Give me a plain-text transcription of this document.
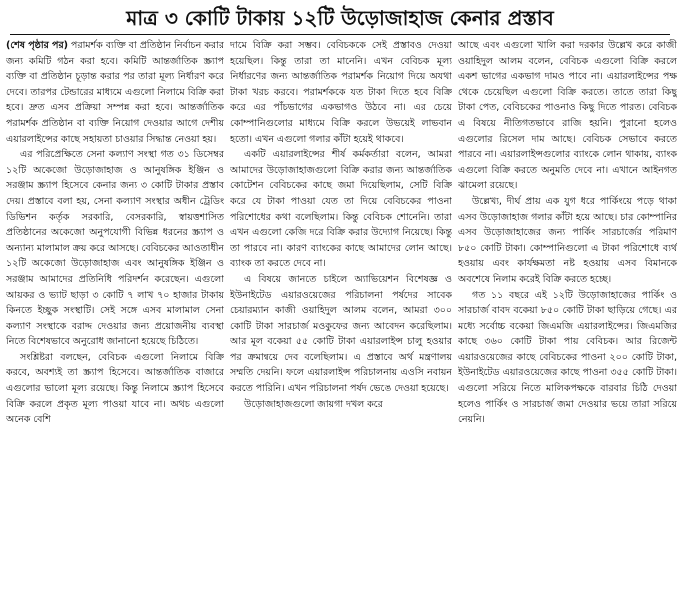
মাত্র ৩ কোটি টাকায় ১২টি উড়োজাহাজ কেনার প্রস্তাব

(শেষ পৃষ্ঠার পর) পরামর্শক ব্যক্তি বা প্রতিষ্ঠান নির্বাচন করার জন্য কমিটি গঠন করা হবে। কমিটি আন্তর্জাতিক স্ক্র্যাপ ব্যক্তি বা প্রতিষ্ঠান চূড়ান্ত করার পর তারা মূল্য নির্ধারণ করে দেবে। তারপর টেন্ডারের মাধ্যমে এগুলো নিলামে বিক্রি করা হবে। দ্রুত এসব প্রক্রিয়া সম্পন্ন করা হবে। আন্তর্জাতিক পরামর্শক প্রতিষ্ঠান বা ব্যক্তি নিয়োগ দেওয়ার আগে দেশীয় এয়ারলাইন্সের কাছে সহায়তা চাওয়ার সিদ্ধান্ত নেওয়া হয়।

এর পরিপ্রেক্ষিতে সেনা কল্যাণ সংস্থা গত ৩১ ডিসেম্বর ১২টি অকেজো উড়োজাহাজ ও আনুষঙ্গিক ইঞ্জিন ও সরঞ্জাম স্ক্র্যাপ হিসেবে কেনার জন্য ৩ কোটি টাকার প্রস্তাব দেয়। প্রস্তাবে বলা হয়, সেনা কল্যাণ সংস্থার অধীন ট্রেডিং ডিভিশন কর্তৃক সরকারি, বেসরকারি, স্বায়ত্তশাসিত প্রতিষ্ঠানের অকেজো অনুপযোগী বিভিন্ন ধরনের স্ক্র্যাপ ও অন্যান্য মালামাল ক্রয় করে আসছে। বেবিচকের আওতাধীন ১২টি অকেজো উড়োজাহাজ এবং আনুষঙ্গিক ইঞ্জিন ও সরঞ্জাম আমাদের প্রতিনিধি পরিদর্শন করেছেন। এগুলো আয়কর ও ভ্যাট ছাড়া ৩ কোটি ৭ লাখ ৭০ হাজার টাকায় কিনতে ইচ্ছুক সংস্থাটি। সেই সঙ্গে এসব মালামাল সেনা কল্যাণ সংস্থাকে বরাদ্দ দেওয়ার জন্য প্রয়োজনীয় ব্যবস্থা নিতে বিশেষভাবে অনুরোধ জানানো হয়েছে চিঠিতে।

সংশ্লিষ্টরা বলছেন, বেবিচক এগুলো নিলামে বিক্রি করবে, অবশ্যই তা স্ক্র্যাপ হিসেবে। আন্তর্জাতিক বাজারে এগুলোর ভালো মূল্য রয়েছে। কিন্তু নিলামে স্ক্র্যাপ হিসেবে বিক্রি করলে প্রকৃত মূল্য পাওয়া যাবে না। অথচ এগুলো অনেক বেশি

দামে বিক্রি করা সম্ভব। বেবিচককে সেই প্রস্তাবও দেওয়া হয়েছিল। কিন্তু তারা তা মানেনি। এখন বেবিচক মূল্য নির্ধারণের জন্য আন্তর্জাতিক পরামর্শক নিয়োগ দিয়ে অযথা টাকা খরচ করবে। পরামর্শককে যত টাকা দিতে হবে বিক্রি করে এর পাঁচভাগের একভাগও উঠবে না। এর চেয়ে কোম্পানিগুলোর মাধ্যমে বিক্রি করলে উভয়েই লাভবান হতো। এখন এগুলো গলার কাঁটা হয়েই থাকবে।

একটি এয়ারলাইন্সের শীর্ষ কর্মকর্তারা বলেন, আমরা আমাদের উড়োজাহাজগুলো বিক্রি করার জন্য আন্তর্জাতিক কোটেশন বেবিচকের কাছে জমা দিয়েছিলাম, সেটি বিক্রি করে যে টাকা পাওয়া যেত তা দিয়ে বেবিচকের পাওনা পরিশোধের কথা বলেছিলাম। কিন্তু বেবিচক শোনেনি। তারা এখন এগুলো কেজি দরে বিক্রি করার উদ্যোগ নিয়েছে। কিন্তু তা পারবে না। কারণ ব্যাংকের কাছে আমাদের লোন আছে। ব্যাংক তা করতে দেবে না।

এ বিষয়ে জানতে চাইলে অ্যাভিয়েশন বিশেষজ্ঞ ও ইউনাইটেড এয়ারওয়েজের পরিচালনা পর্ষদের সাবেক চেয়ারম্যান কাজী ওয়াহিদুল আলম বলেন, আমরা ৩০০ কোটি টাকা সারচার্জ মওকুফের জন্য আবেদন করেছিলাম। আর মূল বকেয়া ৫৫ কোটি টাকা এয়ারলাইন্স চালু হওয়ার পর ক্রমান্বয়ে দেব বলেছিলাম। এ প্রস্তাবে অর্থ মন্ত্রণালয় সম্মতি দেয়নি। ফলে এয়ারলাইন্স পরিচালনায় এওসি নবায়ন করতে পারিনি। এখন পরিচালনা পর্ষদ ভেঙে দেওয়া হয়েছে।

উড়োজাহাজগুলো জায়গা দখল করে

আছে এবং এগুলো খালি করা দরকার উল্লেখ করে কাজী ওয়াহিদুল আলম বলেন, বেবিচক এগুলো বিক্রি করলে একশ ভাগের একভাগ দামও পাবে না। এয়ারলাইন্সের পক্ষ থেকে চেয়েছিল এগুলো বিক্রি করতে। তাতে তারা কিছু টাকা পেত, বেবিচকের পাওনাও কিছু দিতে পারত। বেবিচক এ বিষয়ে নীতিগতভাবে রাজি হয়নি। পুরানো হলেও এগুলোর রিসেল দাম আছে। বেবিচক সেভাবে করতে পারবে না। এয়ারলাইন্সগুলোর ব্যাংকে লোন থাকায়, ব্যাংক এগুলো বিক্রি করতে অনুমতি দেবে না। এখানে আইনগত ঝামেলা রয়েছে।

উল্লেখ্য, দীর্ঘ প্রায় এক যুগ ধরে পার্কিংয়ে পড়ে থাকা এসব উড়োজাহাজ গলার কাঁটা হয়ে আছে। চার কোম্পানির এসব উড়োজাহাজের জন্য পার্কিং সারচার্জের পরিমাণ ৮৫০ কোটি টাকা। কোম্পানিগুলো এ টাকা পরিশোধে ব্যর্থ হওয়ায় এবং কার্যক্ষমতা নষ্ট হওয়ায় এসব বিমানকে অবশেষে নিলাম করেই বিক্রি করতে হচ্ছে।

গত ১১ বছরে এই ১২টি উড়োজাহাজের পার্কিং ও সারচার্জ বাবদ বকেয়া ৮৫০ কোটি টাকা ছাড়িয়ে গেছে। এর মধ্যে সর্বোচ্চ বকেয়া জিএমজি এয়ারলাইন্সের। জিএমজির কাছে ৩৬০ কোটি টাকা পায় বেবিচক। আর রিজেন্ট এয়ারওয়েজের কাছে বেবিচকের পাওনা ২০০ কোটি টাকা, ইউনাইটেড এয়ারওয়েজের কাছে পাওনা ৩৫৫ কোটি টাকা। এগুলো সরিয়ে নিতে মালিকপক্ষকে বারবার চিঠি দেওয়া হলেও পার্কিং ও সারচার্জ জমা দেওয়ার ভয়ে তারা সরিয়ে নেয়নি।
